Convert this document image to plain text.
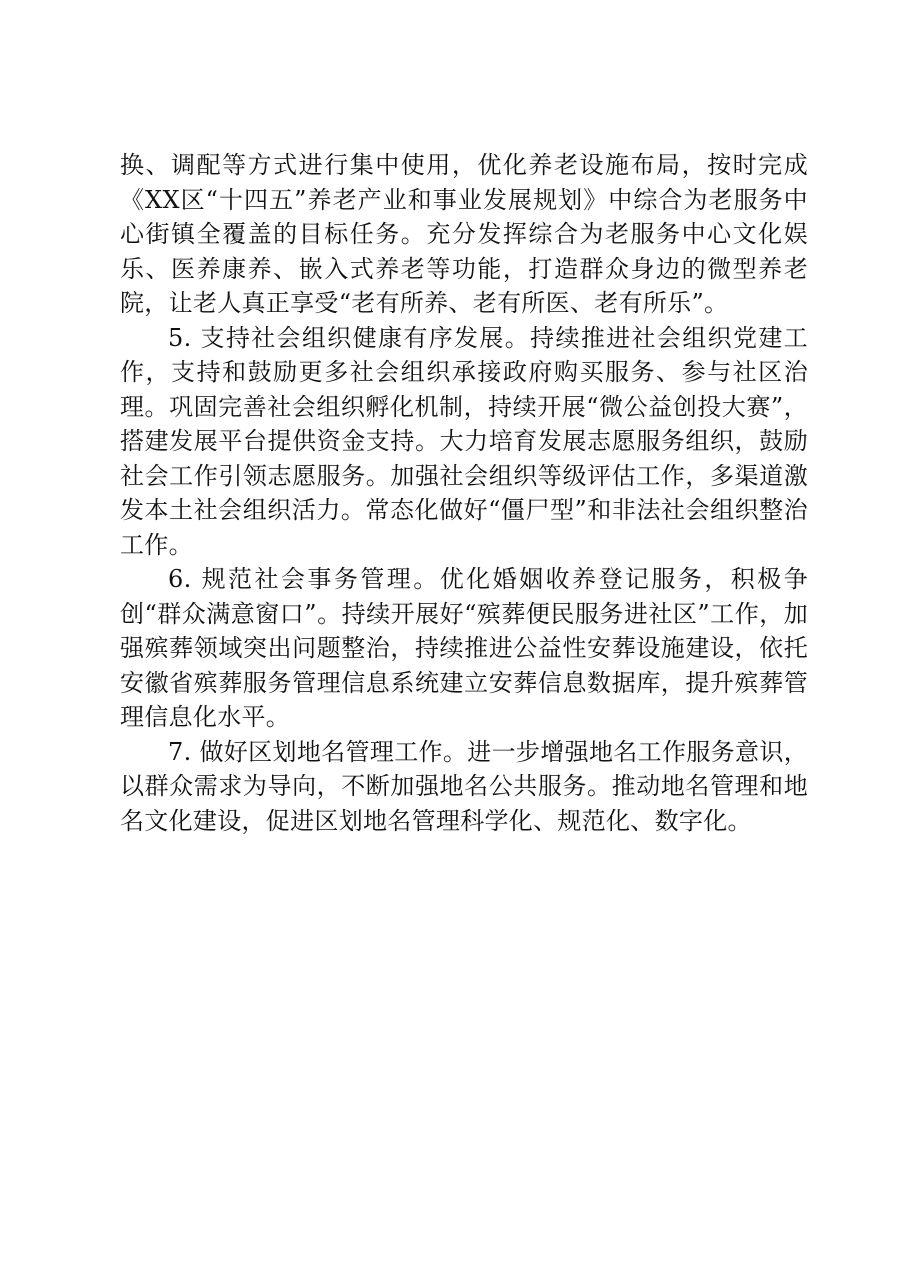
换、调配等方式进行集中使用，优化养老设施布局，按时完成《XX区“十四五”养老产业和事业发展规划》中综合为老服务中心街镇全覆盖的目标任务。充分发挥综合为老服务中心文化娱乐、医养康养、嵌入式养老等功能，打造群众身边的微型养老院，让老人真正享受“老有所养、老有所医、老有所乐”。

5. 支持社会组织健康有序发展。持续推进社会组织党建工作，支持和鼓励更多社会组织承接政府购买服务、参与社区治理。巩固完善社会组织孵化机制，持续开展“微公益创投大赛”，搭建发展平台提供资金支持。大力培育发展志愿服务组织，鼓励社会工作引领志愿服务。加强社会组织等级评估工作，多渠道激发本土社会组织活力。常态化做好“僵尸型”和非法社会组织整治工作。

6. 规范社会事务管理。优化婚姻收养登记服务，积极争创“群众满意窗口”。持续开展好“殡葬便民服务进社区”工作，加强殡葬领域突出问题整治，持续推进公益性安葬设施建设，依托安徽省殡葬服务管理信息系统建立安葬信息数据库，提升殡葬管理信息化水平。

7. 做好区划地名管理工作。进一步增强地名工作服务意识，以群众需求为导向，不断加强地名公共服务。推动地名管理和地名文化建设，促进区划地名管理科学化、规范化、数字化。
